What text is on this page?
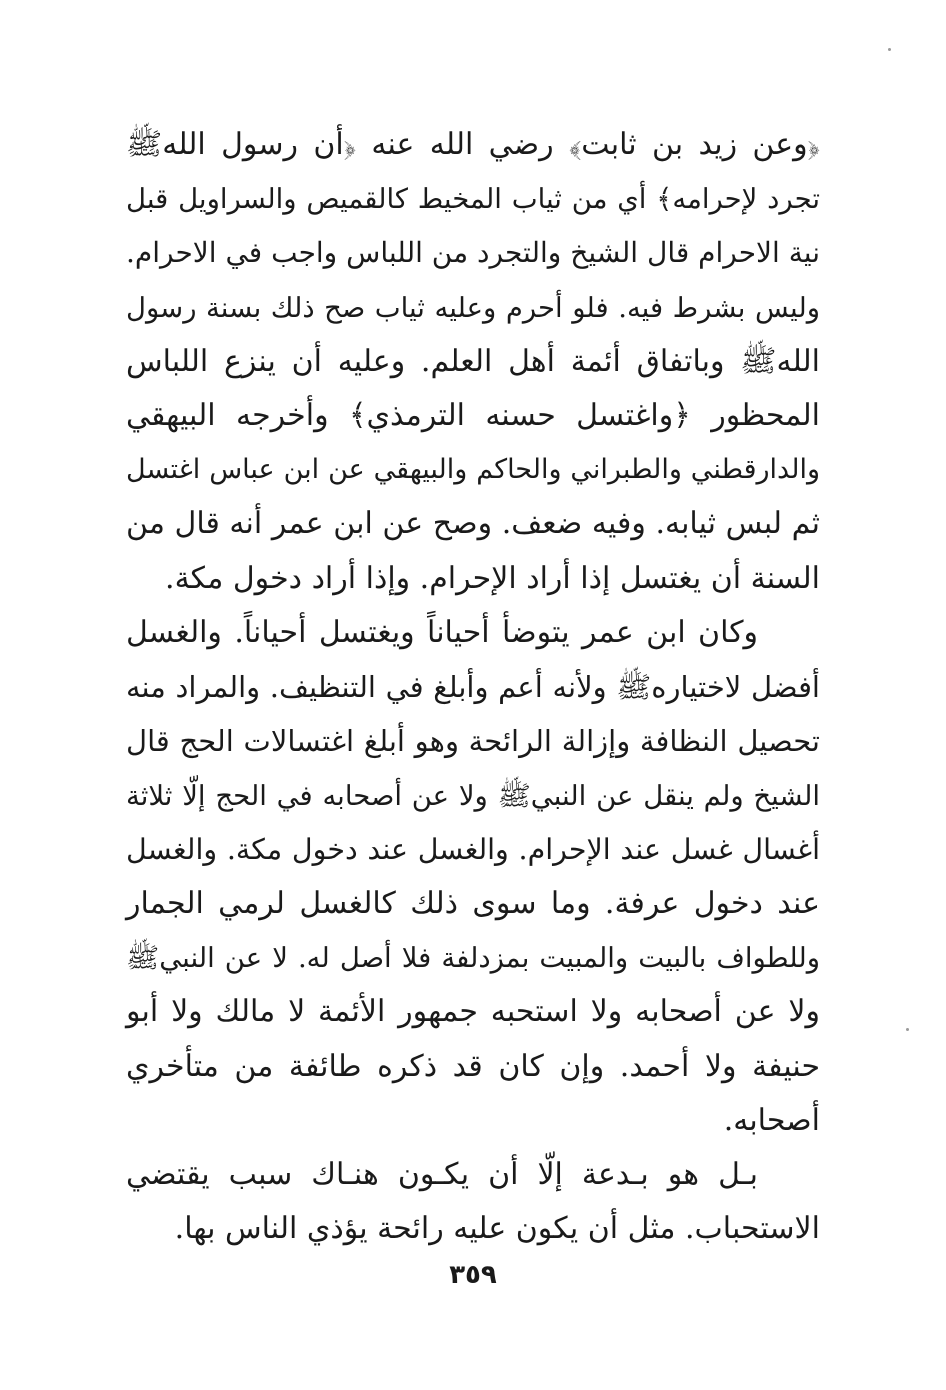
﴿وعن زيد بن ثابت﴾ رضي الله عنه ﴿أن رسول اللهﷺ
تجرد لإحرامه﴾ أي من ثياب المخيط كالقميص والسراويل قبل
نية الاحرام قال الشيخ والتجرد من اللباس واجب في الاحرام.
وليس بشرط فيه. فلو أحرم وعليه ثياب صح ذلك بسنة رسول
اللهﷺ وباتفاق أئمة أهل العلم. وعليه أن ينزع اللباس
المحظور ﴿واغتسل حسنه الترمذي﴾ وأخرجه البيهقي
والدارقطني والطبراني والحاكم والبيهقي عن ابن عباس اغتسل
ثم لبس ثيابه. وفيه ضعف. وصح عن ابن عمر أنه قال من
السنة أن يغتسل إذا أراد الإحرام. وإذا أراد دخول مكة.
وكان ابن عمر يتوضأ أحياناً ويغتسل أحياناً. والغسل
أفضل لاختيارهﷺ ولأنه أعم وأبلغ في التنظيف. والمراد منه
تحصيل النظافة وإزالة الرائحة وهو أبلغ اغتسالات الحج قال
الشيخ ولم ينقل عن النبيﷺ ولا عن أصحابه في الحج إلّا ثلاثة
أغسال غسل عند الإحرام. والغسل عند دخول مكة. والغسل
عند دخول عرفة. وما سوى ذلك كالغسل لرمي الجمار
وللطواف بالبيت والمبيت بمزدلفة فلا أصل له. لا عن النبيﷺ
ولا عن أصحابه ولا استحبه جمهور الأئمة لا مالك ولا أبو
حنيفة ولا أحمد. وإن كان قد ذكره طائفة من متأخري
أصحابه.
بـل هو بـدعة إلّا أن يكـون هنـاك سبب يقتضي
الاستحباب. مثل أن يكون عليه رائحة يؤذي الناس بها.
٣٥٩
